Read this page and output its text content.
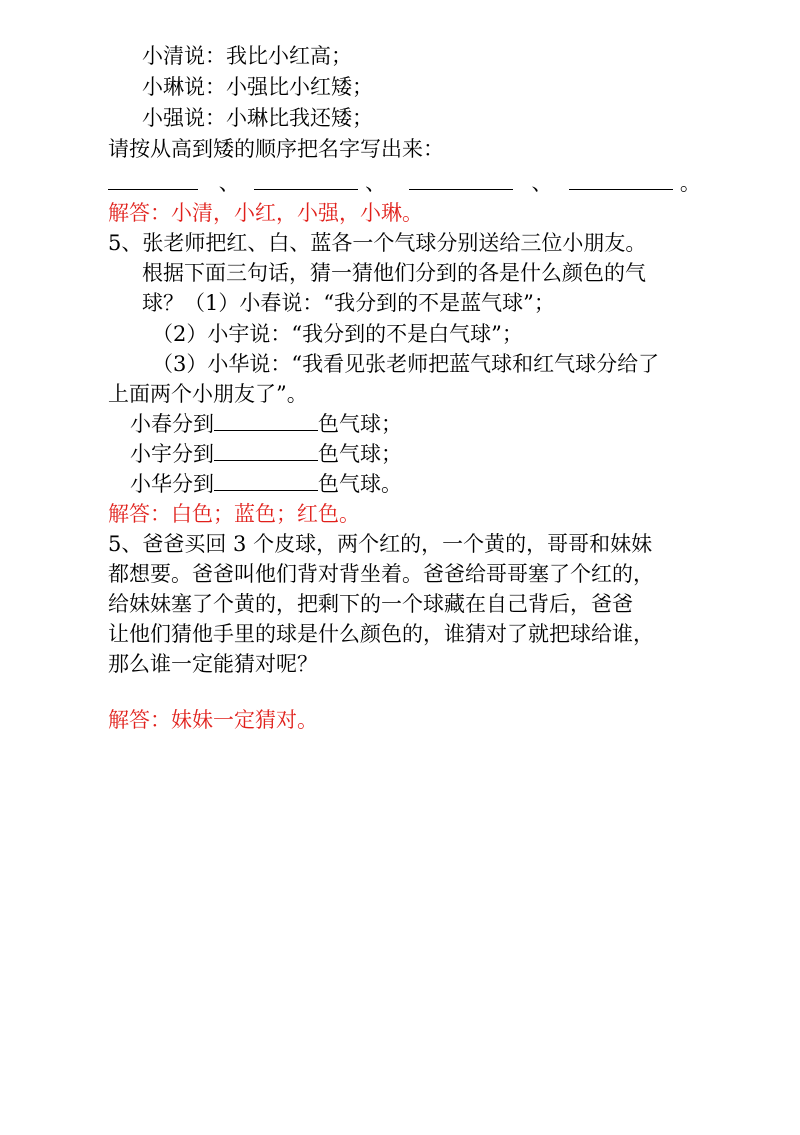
小清说：我比小红高；
小琳说：小强比小红矮；
小强说：小琳比我还矮；
请按从高到矮的顺序把名字写出来：
、	、	、	。
解答：小清，小红，小强，小琳。
5、张老师把红、白、蓝各一个气球分别送给三位小朋友。
根据下面三句话，猜一猜他们分到的各是什么颜色的气
球？（1）小春说：“我分到的不是蓝气球”；
（2）小宇说：“我分到的不是白气球”；
（3）小华说：“我看见张老师把蓝气球和红气球分给了
上面两个小朋友了”。
小春分到	色气球；
小宇分到	色气球；
小华分到	色气球。
解答：白色；蓝色；红色。
5、爸爸买回 3 个皮球，两个红的，一个黄的，哥哥和妹妹
都想要。爸爸叫他们背对背坐着。爸爸给哥哥塞了个红的，
给妹妹塞了个黄的，把剩下的一个球藏在自己背后，爸爸
让他们猜他手里的球是什么颜色的，谁猜对了就把球给谁，
那么谁一定能猜对呢？
解答：妹妹一定猜对。
